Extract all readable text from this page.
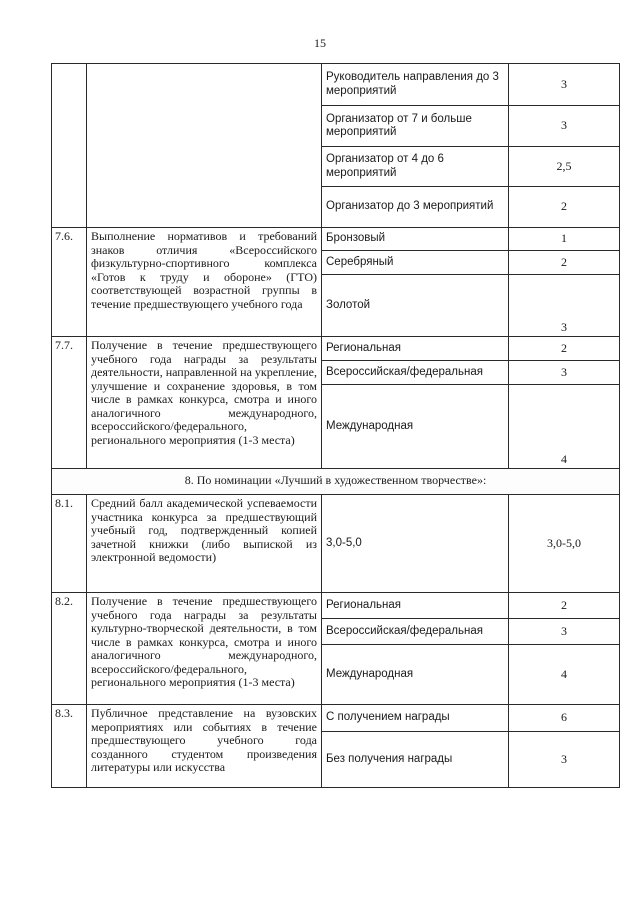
15
		Руководитель направления до 3 мероприятий	3
		Организатор от 7 и больше мероприятий	3
		Организатор от 4 до 6 мероприятий	2,5
		Организатор до 3 мероприятий	2
7.6.	Выполнение нормативов и требований знаков отличия «Всероссийского физкультурно-спортивного комплекса «Готов к труду и обороне» (ГТО) соответствующей возрастной группы в течение предшествующего учебного года	Бронзовый	1
		Серебряный	2
		Золотой	3
7.7.	Получение в течение предшествующего учебного года награды за результаты деятельности, направленной на укрепление, улучшение и сохранение здоровья, в том числе в рамках конкурса, смотра и иного аналогичного международного, всероссийского/федерального, регионального мероприятия (1-3 места)	Региональная	2
		Всероссийская/федеральная	3
		Международная	4
8. По номинации «Лучший в художественном творчестве»:			
8.1.	Средний балл академической успеваемости участника конкурса за предшествующий учебный год, подтвержденный копией зачетной книжки (либо выпиской из электронной ведомости)	3,0-5,0	3,0-5,0
8.2.	Получение в течение предшествующего учебного года награды за результаты культурно-творческой деятельности, в том числе в рамках конкурса, смотра и иного аналогичного международного, всероссийского/федерального, регионального мероприятия (1-3 места)	Региональная	2
		Всероссийская/федеральная	3
		Международная	4
8.3.	Публичное представление на вузовских мероприятиях или событиях в течение предшествующего учебного года созданного студентом произведения литературы или искусства	С получением награды	6
		Без получения награды	3
